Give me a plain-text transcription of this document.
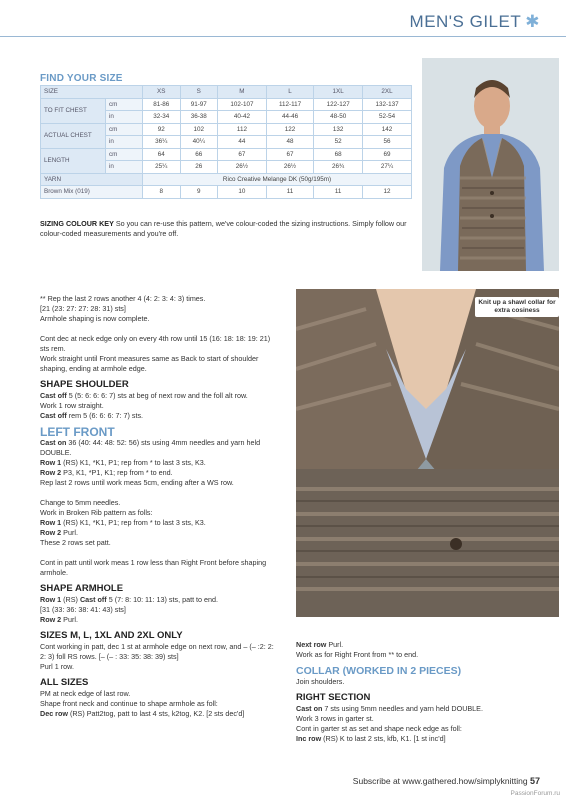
MEN'S GILET ✱
FIND YOUR SIZE
SIZE		XS	S	M	L	1XL	2XL
TO FIT CHEST	cm	81-86	91-97	102-107	112-117	122-127	132-137
	in	32-34	36-38	40-42	44-46	48-50	52-54
ACTUAL CHEST	cm	92	102	112	122	132	142
	in	36¼	40¼	44	48	52	56
LENGTH	cm	64	66	67	67	68	69
	in	25¼	26	26½	26½	26¾	27¼
YARN		Rico Creative Melange DK (50g/195m)					
Brown Mix (019)		8	9	10	11	11	12
SIZING COLOUR KEY So you can re-use this pattern, we've colour-coded the sizing instructions. Simply follow our colour-coded measurements and you're off.
Knit up a shawl collar for extra cosiness

** Rep the last 2 rows another 4 (4: 2: 3: 4: 3) times.

[21 (23: 27: 27: 28: 31) sts]

Armhole shaping is now complete.

Cont dec at neck edge only on every 4th row until 15 (16: 18: 18: 19: 21) sts rem.

Work straight until Front measures same as Back to start of shoulder shaping, ending at armhole edge.

SHAPE SHOULDER

Cast off 5 (5: 6: 6: 6: 7) sts at beg of next row and the foll alt row.

Work 1 row straight.

Cast off rem 5 (6: 6: 6: 7: 7) sts.

LEFT FRONT

Cast on 36 (40: 44: 48: 52: 56) sts using 4mm needles and yarn held DOUBLE.

Row 1 (RS) K1, *K1, P1; rep from * to last 3 sts, K3.

Row 2 P3, K1, *P1, K1; rep from * to end.

Rep last 2 rows until work meas 5cm, ending after a WS row.

Change to 5mm needles.

Work in Broken Rib pattern as folls:

Row 1 (RS) K1, *K1, P1; rep from * to last 3 sts, K3.

Row 2 Purl.

These 2 rows set patt.

Cont in patt until work meas 1 row less than Right Front before shaping armhole.

SHAPE ARMHOLE

Row 1 (RS) Cast off 5 (7: 8: 10: 11: 13) sts, patt to end.

[31 (33: 36: 38: 41: 43) sts]

Row 2 Purl.

SIZES M, L, 1XL AND 2XL ONLY

Cont working in patt, dec 1 st at armhole edge on next row, and – (– :2: 2: 2: 3) foll RS rows. [– (– : 33: 35: 38: 39) sts]

Purl 1 row.

ALL SIZES

PM at neck edge of last row.

Shape front neck and continue to shape armhole as foll:

Dec row (RS) Patt2tog, patt to last 4 sts, k2tog, K2. [2 sts dec'd]

Next row Purl.

Work as for Right Front from ** to end.

COLLAR (WORKED IN 2 PIECES)

Join shoulders.

RIGHT SECTION

Cast on 7 sts using 5mm needles and yarn held DOUBLE.

Work 3 rows in garter st.

Cont in garter st as set and shape neck edge as foll:

Inc row (RS) K to last 2 sts, kfb, K1. [1 st inc'd]

Subscribe at www.gathered.how/simplyknitting 57
PassionForum.ru
